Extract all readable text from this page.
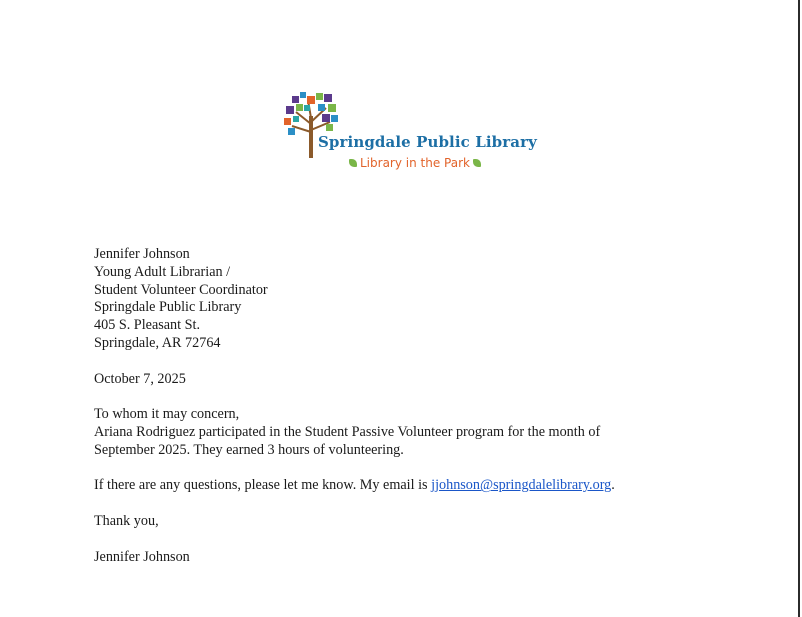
Springdale Public Library
Library in the Park
Jennifer Johnson
Young Adult Librarian /
Student Volunteer Coordinator
Springdale Public Library
405 S. Pleasant St.
Springdale, AR 72764
October 7, 2025
To whom it may concern,
Ariana Rodriguez participated in the Student Passive Volunteer program for the month of
September 2025. They earned 3 hours of volunteering.
If there are any questions, please let me know. My email is jjohnson@springdalelibrary.org.
Thank you,
Jennifer Johnson
